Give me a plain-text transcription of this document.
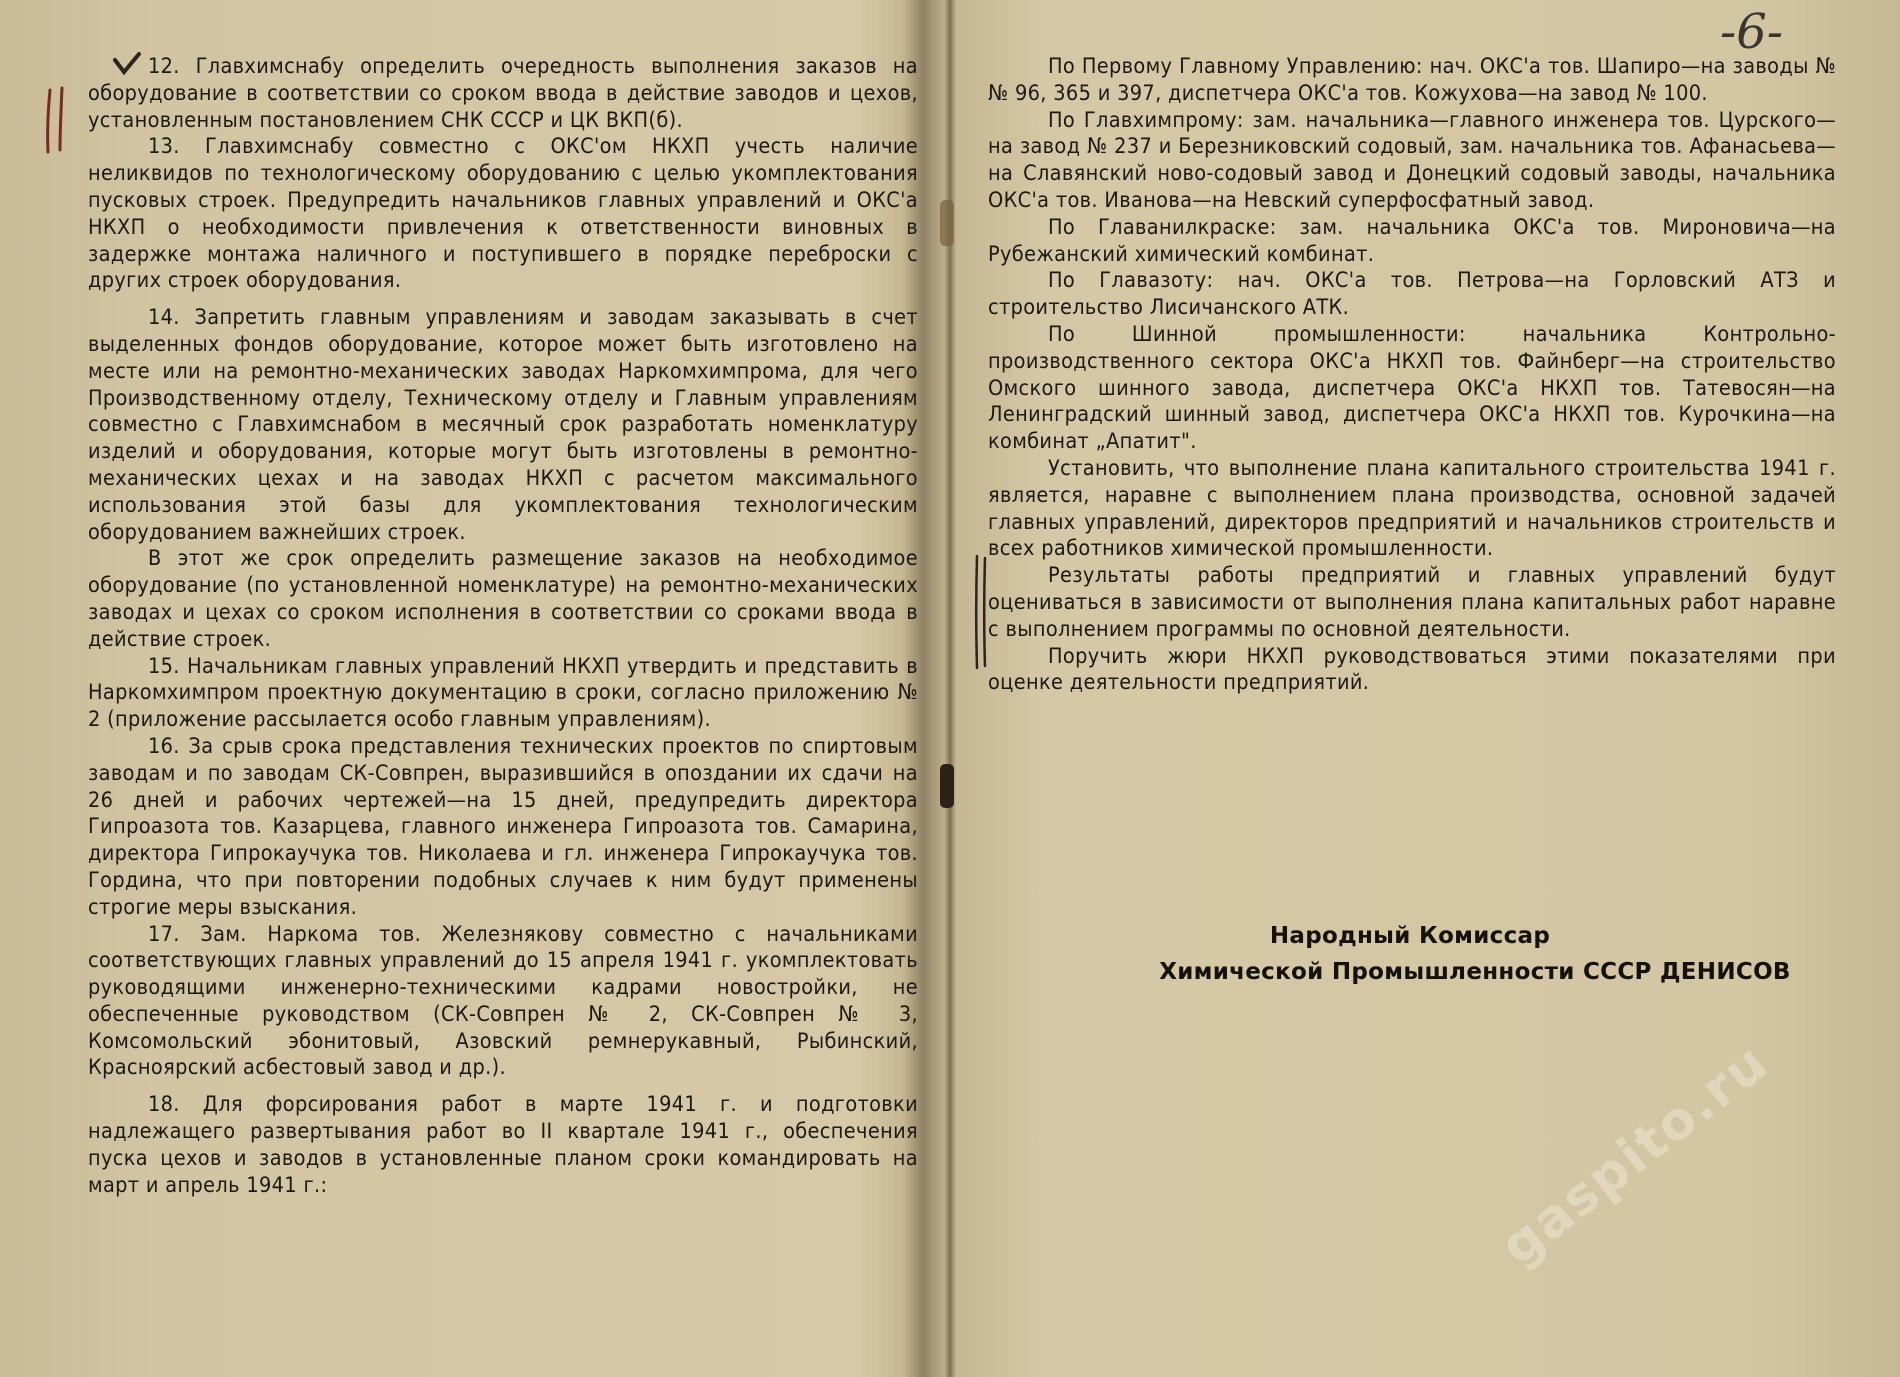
12. Главхимснабу определить очередность выполнения заказов на оборудование в соответствии со сроком ввода в действие заводов и цехов, установленным постановлением СНК СССР и ЦК ВКП(б).

13. Главхимснабу совместно с ОКС'ом НКХП учесть наличие неликвидов по технологическому оборудованию с целью укомплектования пусковых строек. Предупредить начальников главных управлений и ОКС'а НКХП о необходимости привлечения к ответственности виновных в задержке монтажа наличного и поступившего в порядке переброски с других строек оборудования.

14. Запретить главным управлениям и заводам заказывать в счет выделенных фондов оборудование, которое может быть изготовлено на месте или на ремонтно-механических заводах Наркомхимпрома, для чего Производственному отделу, Техническому отделу и Главным управлениям совместно с Главхимснабом в месячный срок разработать номенклатуру изделий и оборудования, которые могут быть изготовлены в ремонтно-механических цехах и на заводах НКХП с расчетом максимального использования этой базы для укомплектования технологическим оборудованием важнейших строек.

В этот же срок определить размещение заказов на необходимое оборудование (по установленной номенклатуре) на ремонтно-механических заводах и цехах со сроком исполнения в соответствии со сроками ввода в действие строек.

15. Начальникам главных управлений НКХП утвердить и представить в Наркомхимпром проектную документацию в сроки, согласно приложению № 2 (приложение рассылается особо главным управлениям).

16. За срыв срока представления технических проектов по спиртовым заводам и по заводам СК-Совпрен, выразившийся в опоздании их сдачи на 26 дней и рабочих чертежей—на 15 дней, предупредить директора Гипроазота тов. Казарцева, главного инженера Гипроазота тов. Самарина, директора Гипрокаучука тов. Николаева и гл. инженера Гипрокаучука тов. Гордина, что при повторении подобных случаев к ним будут применены строгие меры взыскания.

17. Зам. Наркома тов. Железнякову совместно с начальниками соответствующих главных управлений до 15 апреля 1941 г. укомплектовать руководящими инженерно-техническими кадрами новостройки, не обеспеченные руководством (СК-Совпрен № 2, СК-Совпрен № 3, Комсомольский эбонитовый, Азовский ремнерукавный, Рыбинский, Красноярский асбестовый завод и др.).

18. Для форсирования работ в марте 1941 г. и подготовки надлежащего развертывания работ во II квартале 1941 г., обеспечения пуска цехов и заводов в установленные планом сроки командировать на март и апрель 1941 г.:

По Первому Главному Управлению: нач. ОКС'а тов. Шапиро—на заводы №№ 96, 365 и 397, диспетчера ОКС'а тов. Кожухова—на завод № 100.

По Главхимпрому: зам. начальника—главного инженера тов. Цурского—на завод № 237 и Березниковский содовый, зам. начальника тов. Афанасьева—на Славянский ново-содовый завод и Донецкий содовый заводы, начальника ОКС'а тов. Иванова—на Невский суперфосфатный завод.

По Главанилкраске: зам. начальника ОКС'а тов. Мироновича—на Рубежанский химический комбинат.

По Главазоту: нач. ОКС'а тов. Петрова—на Горловский АТЗ и строительство Лисичанского АТК.

По Шинной промышленности: начальника Контрольно-производственного сектора ОКС'а НКХП тов. Файнберг—на строительство Омского шинного завода, диспетчера ОКС'а НКХП тов. Татевосян—на Ленинградский шинный завод, диспетчера ОКС'а НКХП тов. Курочкина—на комбинат „Апатит".

Установить, что выполнение плана капитального строительства 1941 г. является, наравне с выполнением плана производства, основной задачей главных управлений, директоров предприятий и начальников строительств и всех работников химической промышленности.

Результаты работы предприятий и главных управлений будут оцениваться в зависимости от выполнения плана капитальных работ наравне с выполнением программы по основной деятельности.

Поручить жюри НКХП руководствоваться этими показателями при оценке деятельности предприятий.

Народный Комиссар
Химической Промышленности СССР ДЕНИСОВ
-6-
gaspito.ru
